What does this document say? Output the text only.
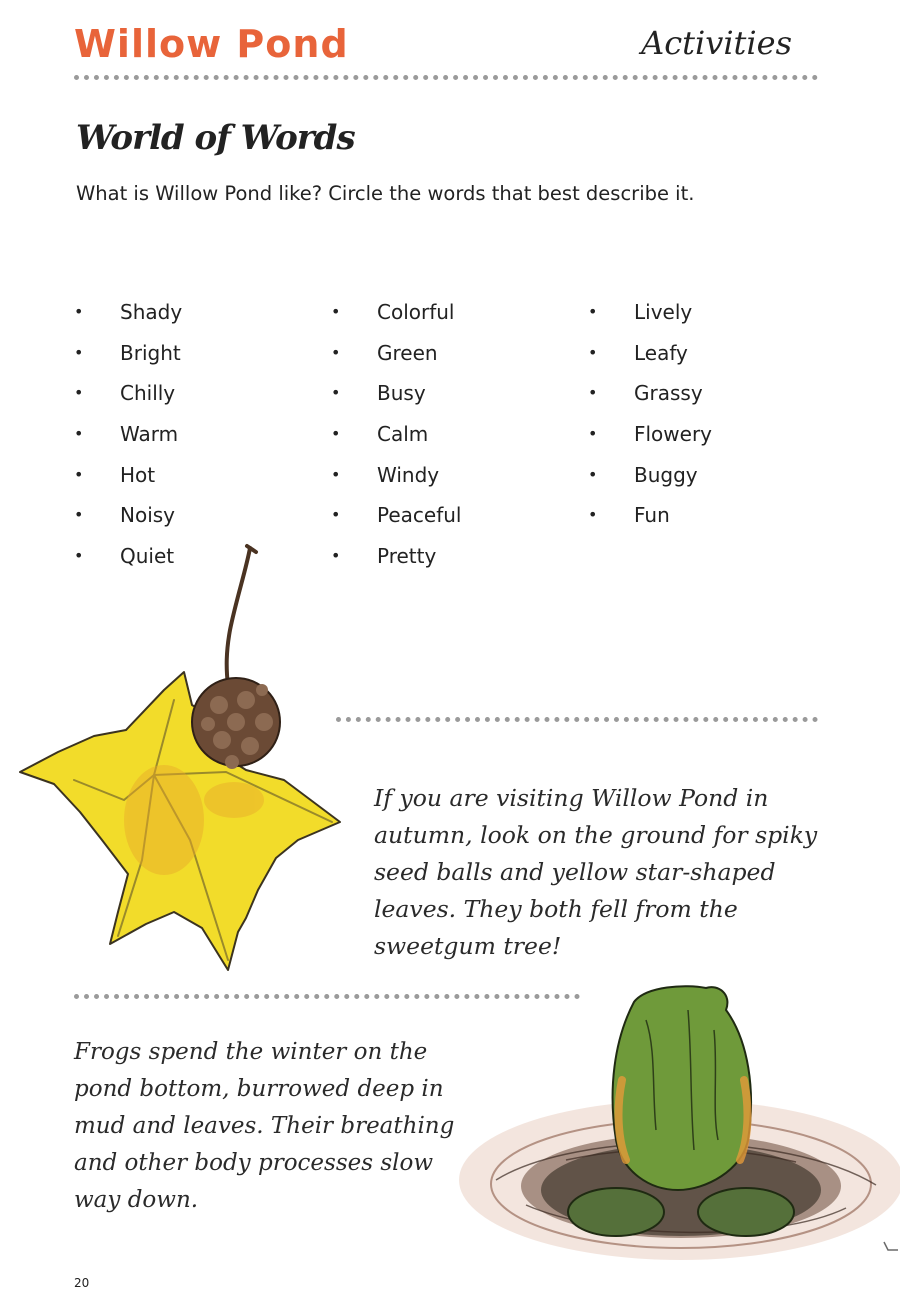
Willow Pond	Activities
World of Words
What is Willow Pond like? Circle the words that best describe it.
• Shady
• Bright
• Chilly
• Warm
• Hot
• Noisy
• Quiet
• Colorful
• Green
• Busy
• Calm
• Windy
• Peaceful
• Pretty
• Lively
• Leafy
• Grassy
• Flowery
• Buggy
• Fun

If you are visiting Willow Pond in autumn, look on the ground for spiky seed balls and yellow star-shaped leaves. They both fell from the sweetgum tree!

Frogs spend the winter on the pond bottom, burrowed deep in mud and leaves. Their breathing and other body processes slow way down.

20
